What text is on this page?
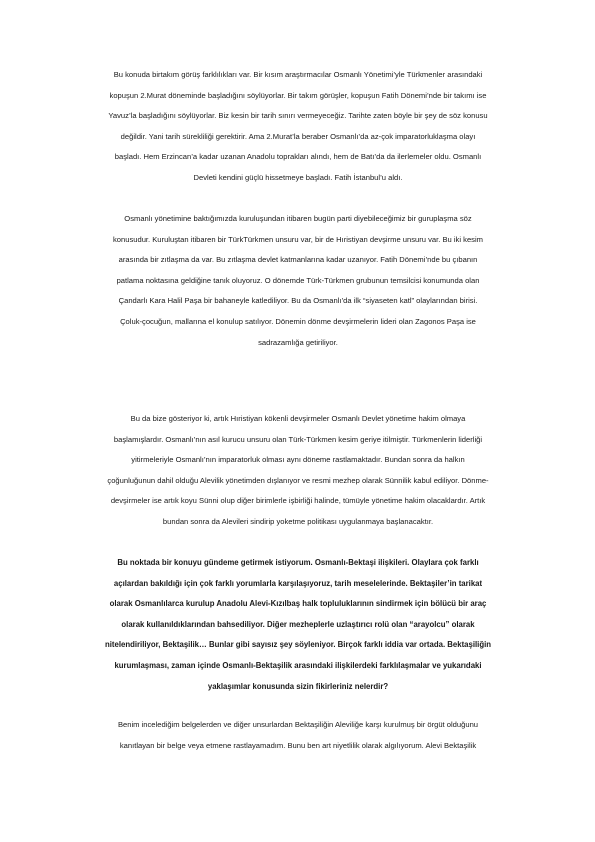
Bu konuda birtakım görüş farklılıkları var. Bir kısım araştırmacılar Osmanlı Yönetimi’yle Türkmenler arasındaki
kopuşun 2.Murat döneminde başladığını söylüyorlar. Bir takım görüşler, kopuşun Fatih Dönemi’nde bir takımı ise
Yavuz’la başladığını söylüyorlar. Biz kesin bir tarih sınırı vermeyeceğiz. Tarihte zaten böyle bir şey de söz konusu
değildir. Yani tarih sürekliliği gerektirir. Ama 2.Murat’la beraber Osmanlı’da az-çok imparatorluklaşma olayı
başladı. Hem Erzincan’a kadar uzanan Anadolu toprakları alındı, hem de Batı’da da ilerlemeler oldu. Osmanlı
Devleti kendini güçlü hissetmeye başladı. Fatih İstanbul’u aldı.

Osmanlı yönetimine baktığımızda kuruluşundan itibaren bugün parti diyebileceğimiz bir guruplaşma söz
konusudur. Kuruluştan itibaren bir TürkTürkmen unsuru var, bir de Hıristiyan devşirme unsuru var. Bu iki kesim
arasında bir zıtlaşma da var. Bu zıtlaşma devlet katmanlarına kadar uzanıyor. Fatih Dönemi’nde bu çıbanın
patlama noktasına geldiğine tanık oluyoruz. O dönemde Türk-Türkmen grubunun temsilcisi konumunda olan
Çandarlı Kara Halil Paşa bir bahaneyle katlediliyor. Bu da Osmanlı’da ilk “siyaseten katl” olaylarından birisi.
Çoluk-çocuğun, mallarına el konulup satılıyor. Dönemin dönme devşirmelerin lideri olan Zagonos Paşa ise
sadrazamlığa getiriliyor.

Bu da bize gösteriyor ki, artık Hıristiyan kökenli devşirmeler Osmanlı Devlet yönetime hakim olmaya
başlamışlardır. Osmanlı’nın asıl kurucu unsuru olan Türk-Türkmen kesim geriye itilmiştir. Türkmenlerin liderliği
yitirmeleriyle Osmanlı’nın imparatorluk olması aynı döneme rastlamaktadır. Bundan sonra da halkın
çoğunluğunun dahil olduğu Alevilik yönetimden dışlanıyor ve resmi mezhep olarak Sünnilik kabul ediliyor. Dönme-
devşirmeler ise artık koyu Sünni olup diğer birimlerle işbirliği halinde, tümüyle yönetime hakim olacaklardır. Artık
bundan sonra da Alevileri sindirip yoketme politikası uygulanmaya başlanacaktır.

Bu noktada bir konuyu gündeme getirmek istiyorum. Osmanlı-Bektaşi ilişkileri. Olaylara çok farklı
açılardan bakıldığı için çok farklı yorumlarla karşılaşıyoruz, tarih meselelerinde. Bektaşiler’in tarikat
olarak Osmanlılarca kurulup Anadolu Alevi-Kızılbaş halk topluluklarının sindirmek için bölücü bir araç
olarak kullanıldıklarından bahsediliyor. Diğer mezheplerle uzlaştırıcı rolü olan “arayolcu” olarak
nitelendiriliyor, Bektaşilik… Bunlar gibi sayısız şey söyleniyor. Birçok farklı iddia var ortada. Bektaşiliğin
kurumlaşması, zaman içinde Osmanlı-Bektaşilik arasındaki ilişkilerdeki farklılaşmalar ve yukarıdaki
yaklaşımlar konusunda sizin fikirleriniz nelerdir?

Benim incelediğim belgelerden ve diğer unsurlardan Bektaşiliğin Aleviliğe karşı kurulmuş bir örgüt olduğunu
kanıtlayan bir belge veya etmene rastlayamadım. Bunu ben art niyetlilik olarak algılıyorum. Alevi Bektaşilik
